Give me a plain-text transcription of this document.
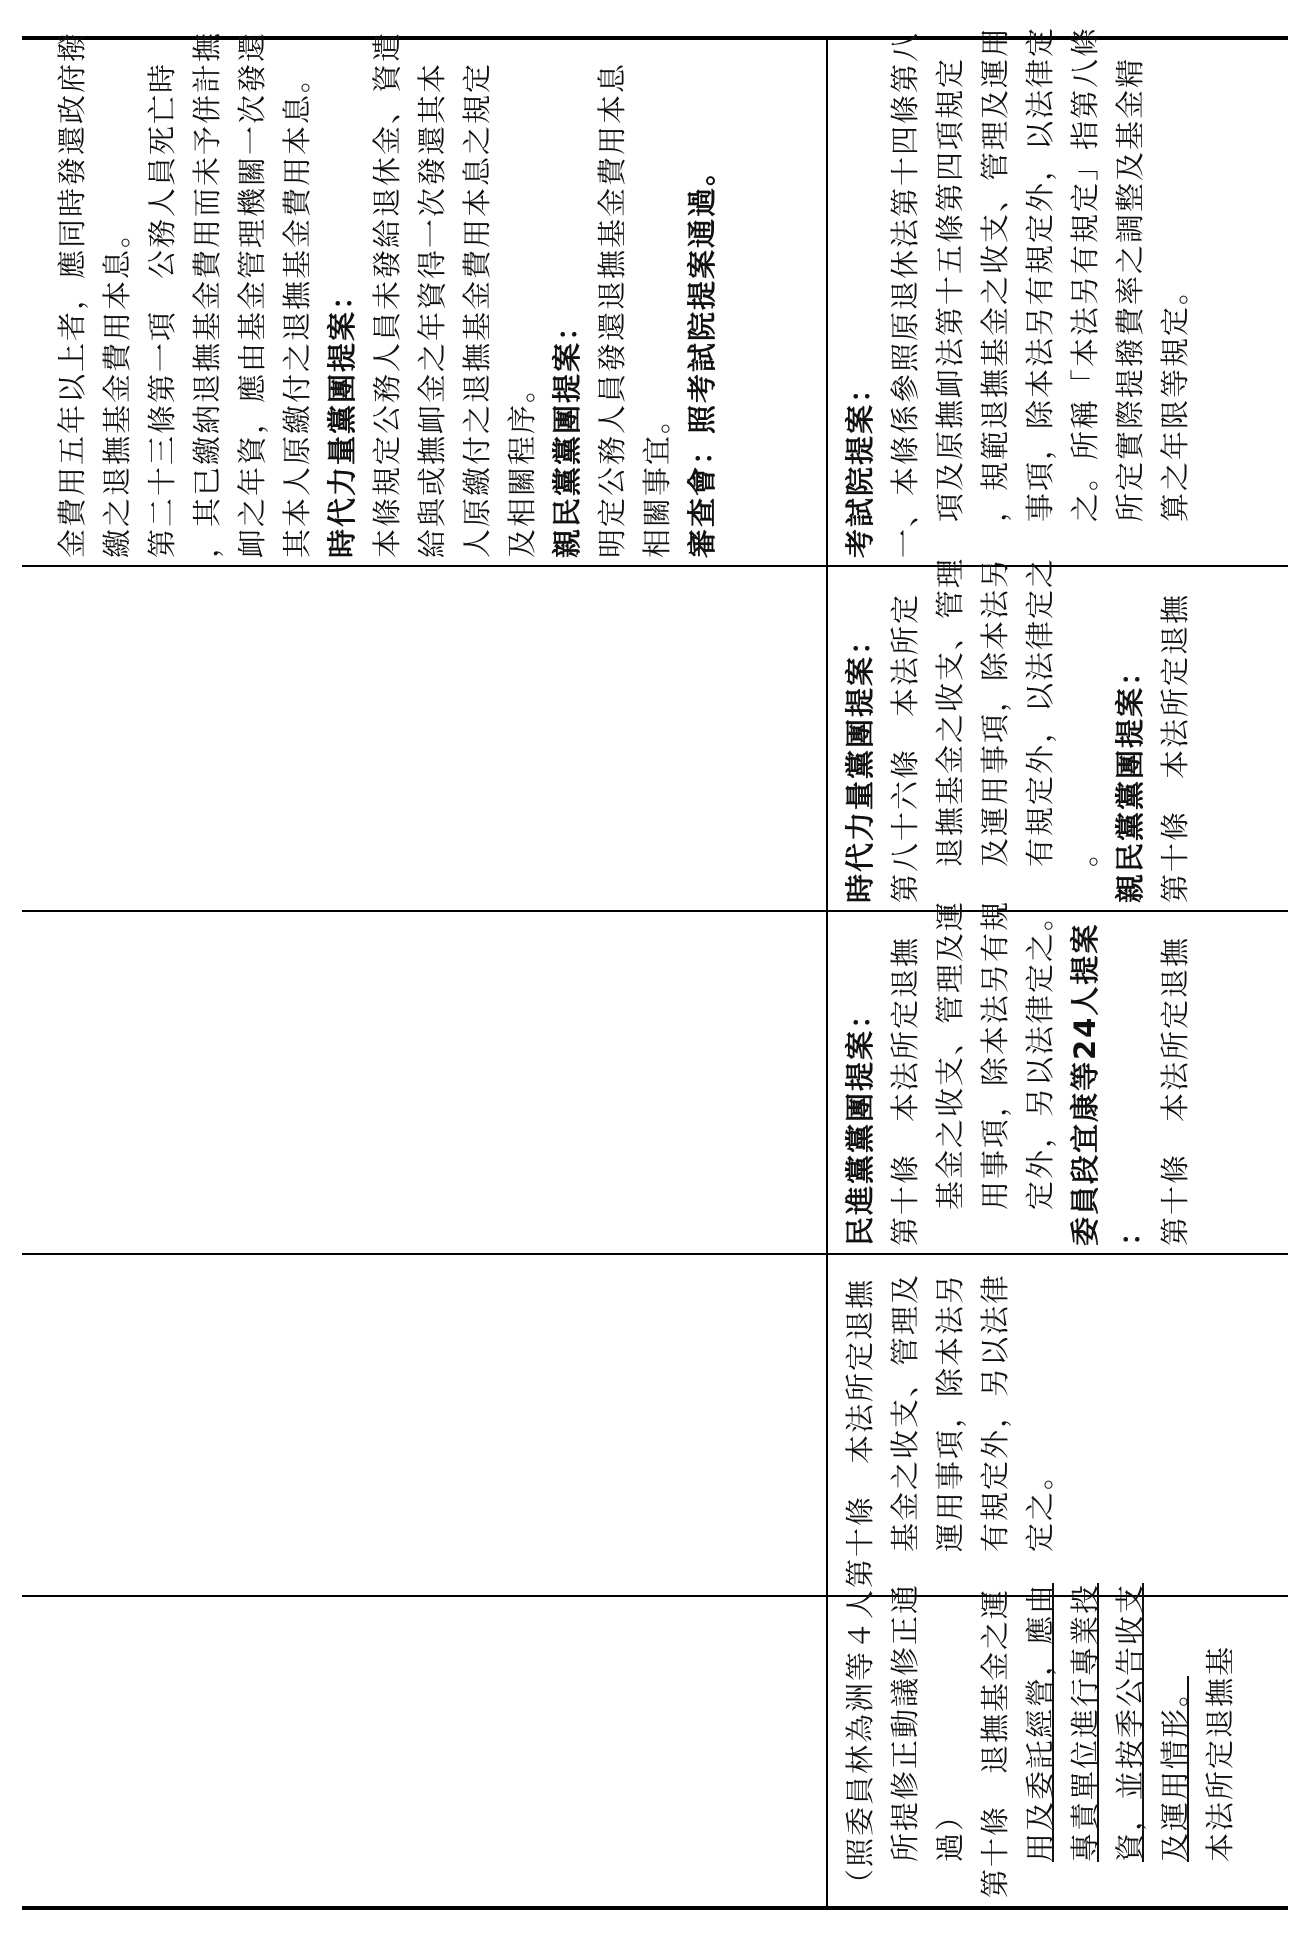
金費用五年以上者，應同時發還政府撥 繳之退撫基金費用本息。 第二十三條第一項　公務人員死亡時 ，其已繳納退撫基金費用而未予併計撫 卹之年資，應由基金管理機關一次發還 其本人原繳付之退撫基金費用本息。 時代力量黨團提案： 本條規定公務人員未發給退休金、資遣 給與或撫卹金之年資得一次發還其本 人原繳付之退撫基金費用本息之規定 及相關程序。 親民黨黨團提案： 明定公務人員發還退撫基金費用本息 相關事宜。 審查會：照考試院提案通過。	考試院提案： 一、本條係參照原退休法第十四條第八 項及原撫卹法第十五條第四項規定 ，規範退撫基金之收支、管理及運用 事項，除本法另有規定外，以法律定 之。所稱「本法另有規定」指第八條 所定實際提撥費率之調整及基金精 算之年限等規定。
時代力量黨團提案： 第八十六條　本法所定 退撫基金之收支、管理 及運用事項，除本法另 有規定外，以法律定之 。 親民黨黨團提案： 第十條　本法所定退撫
民進黨黨團提案： 第十條　本法所定退撫 基金之收支、管理及運 用事項，除本法另有規 定外，另以法律定之。 委員段宜康等24人提案 ： 第十條　本法所定退撫
第十條　本法所定退撫 基金之收支、管理及 運用事項，除本法另 有規定外，另以法律 定之。
（照委員林為洲等４人 所提修正動議修正通 過） 第十條　退撫基金之運 用及委託經營，應由 專責單位進行專業投 資，並按季公告收支 及運用情形。 本法所定退撫基
